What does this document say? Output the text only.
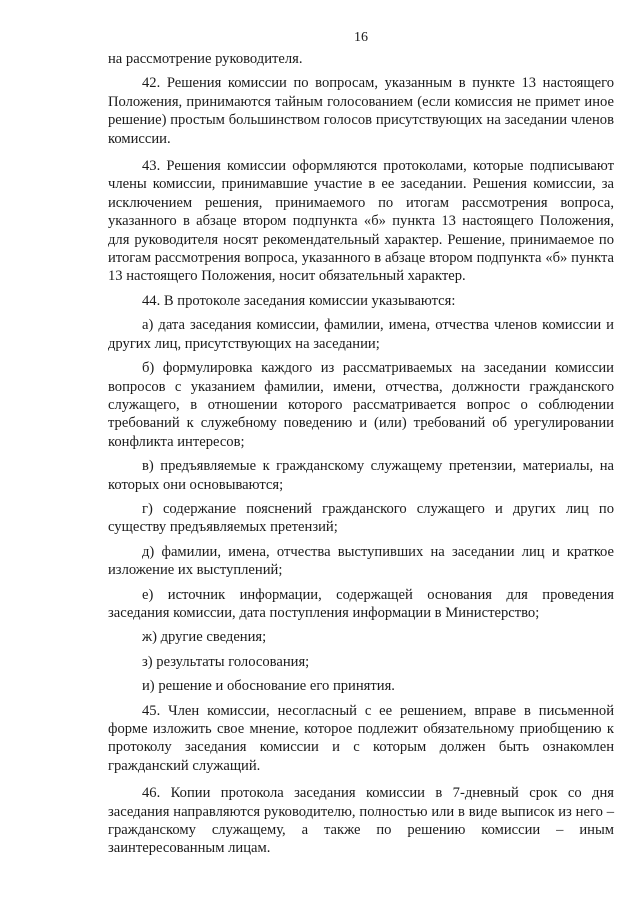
16

на рассмотрение руководителя.

42. Решения комиссии по вопросам, указанным в пункте 13 настоящего Положения, принимаются тайным голосованием (если комиссия не примет иное решение) простым большинством голосов присутствующих на заседании членов комиссии.

43. Решения комиссии оформляются протоколами, которые подписывают члены комиссии, принимавшие участие в ее заседании. Решения комиссии, за исключением решения, принимаемого по итогам рассмотрения вопроса, указанного в абзаце втором подпункта «б» пункта 13 настоящего Положения, для руководителя носят рекомендательный характер. Решение, принимаемое по итогам рассмотрения вопроса, указанного в абзаце втором подпункта «б» пункта 13 настоящего Положения, носит обязательный характер.

44. В протоколе заседания комиссии указываются:

а) дата заседания комиссии, фамилии, имена, отчества членов комиссии и других лиц, присутствующих на заседании;

б) формулировка каждого из рассматриваемых на заседании комиссии вопросов с указанием фамилии, имени, отчества, должности гражданского служащего, в отношении которого рассматривается вопрос о соблюдении требований к служебному поведению и (или) требований об урегулировании конфликта интересов;

в) предъявляемые к гражданскому служащему претензии, материалы, на которых они основываются;

г) содержание пояснений гражданского служащего и других лиц по существу предъявляемых претензий;

д) фамилии, имена, отчества выступивших на заседании лиц и краткое изложение их выступлений;

е) источник информации, содержащей основания для проведения заседания комиссии, дата поступления информации в Министерство;

ж) другие сведения;

з) результаты голосования;

и) решение и обоснование его принятия.

45. Член комиссии, несогласный с ее решением, вправе в письменной форме изложить свое мнение, которое подлежит обязательному приобщению к протоколу заседания комиссии и с которым должен быть ознакомлен гражданский служащий.

46. Копии протокола заседания комиссии в 7-дневный срок со дня заседания направляются руководителю, полностью или в виде выписок из него – гражданскому служащему, а также по решению комиссии – иным заинтересованным лицам.
